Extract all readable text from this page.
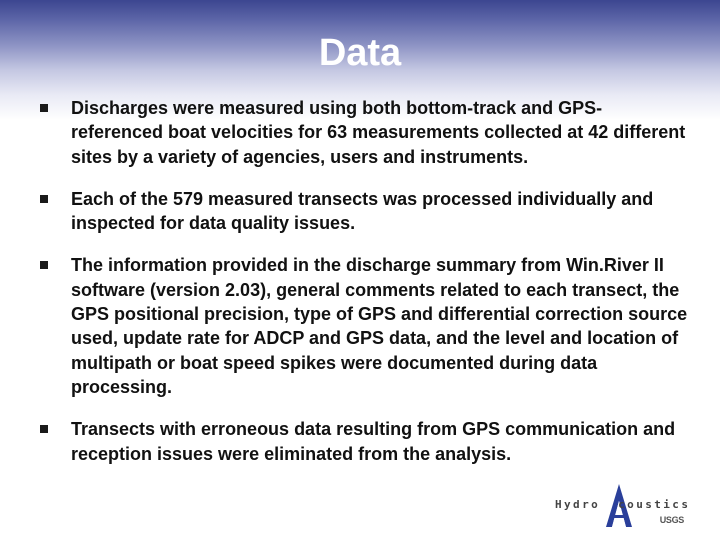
Data
Discharges were measured using both bottom-track and GPS-referenced boat velocities for 63 measurements collected at 42 different sites by a variety of agencies, users and instruments.
Each of the 579 measured transects was processed individually and inspected for data quality issues.
The information provided in the discharge summary from Win.River II software (version 2.03), general comments related to each transect, the GPS positional precision, type of GPS and differential correction source used, update rate for ADCP and GPS data, and the level and location of multipath or boat speed spikes were documented during data processing.
Transects with erroneous data resulting from GPS communication and reception issues were eliminated from the analysis.
Hydro  coustics
USGS
